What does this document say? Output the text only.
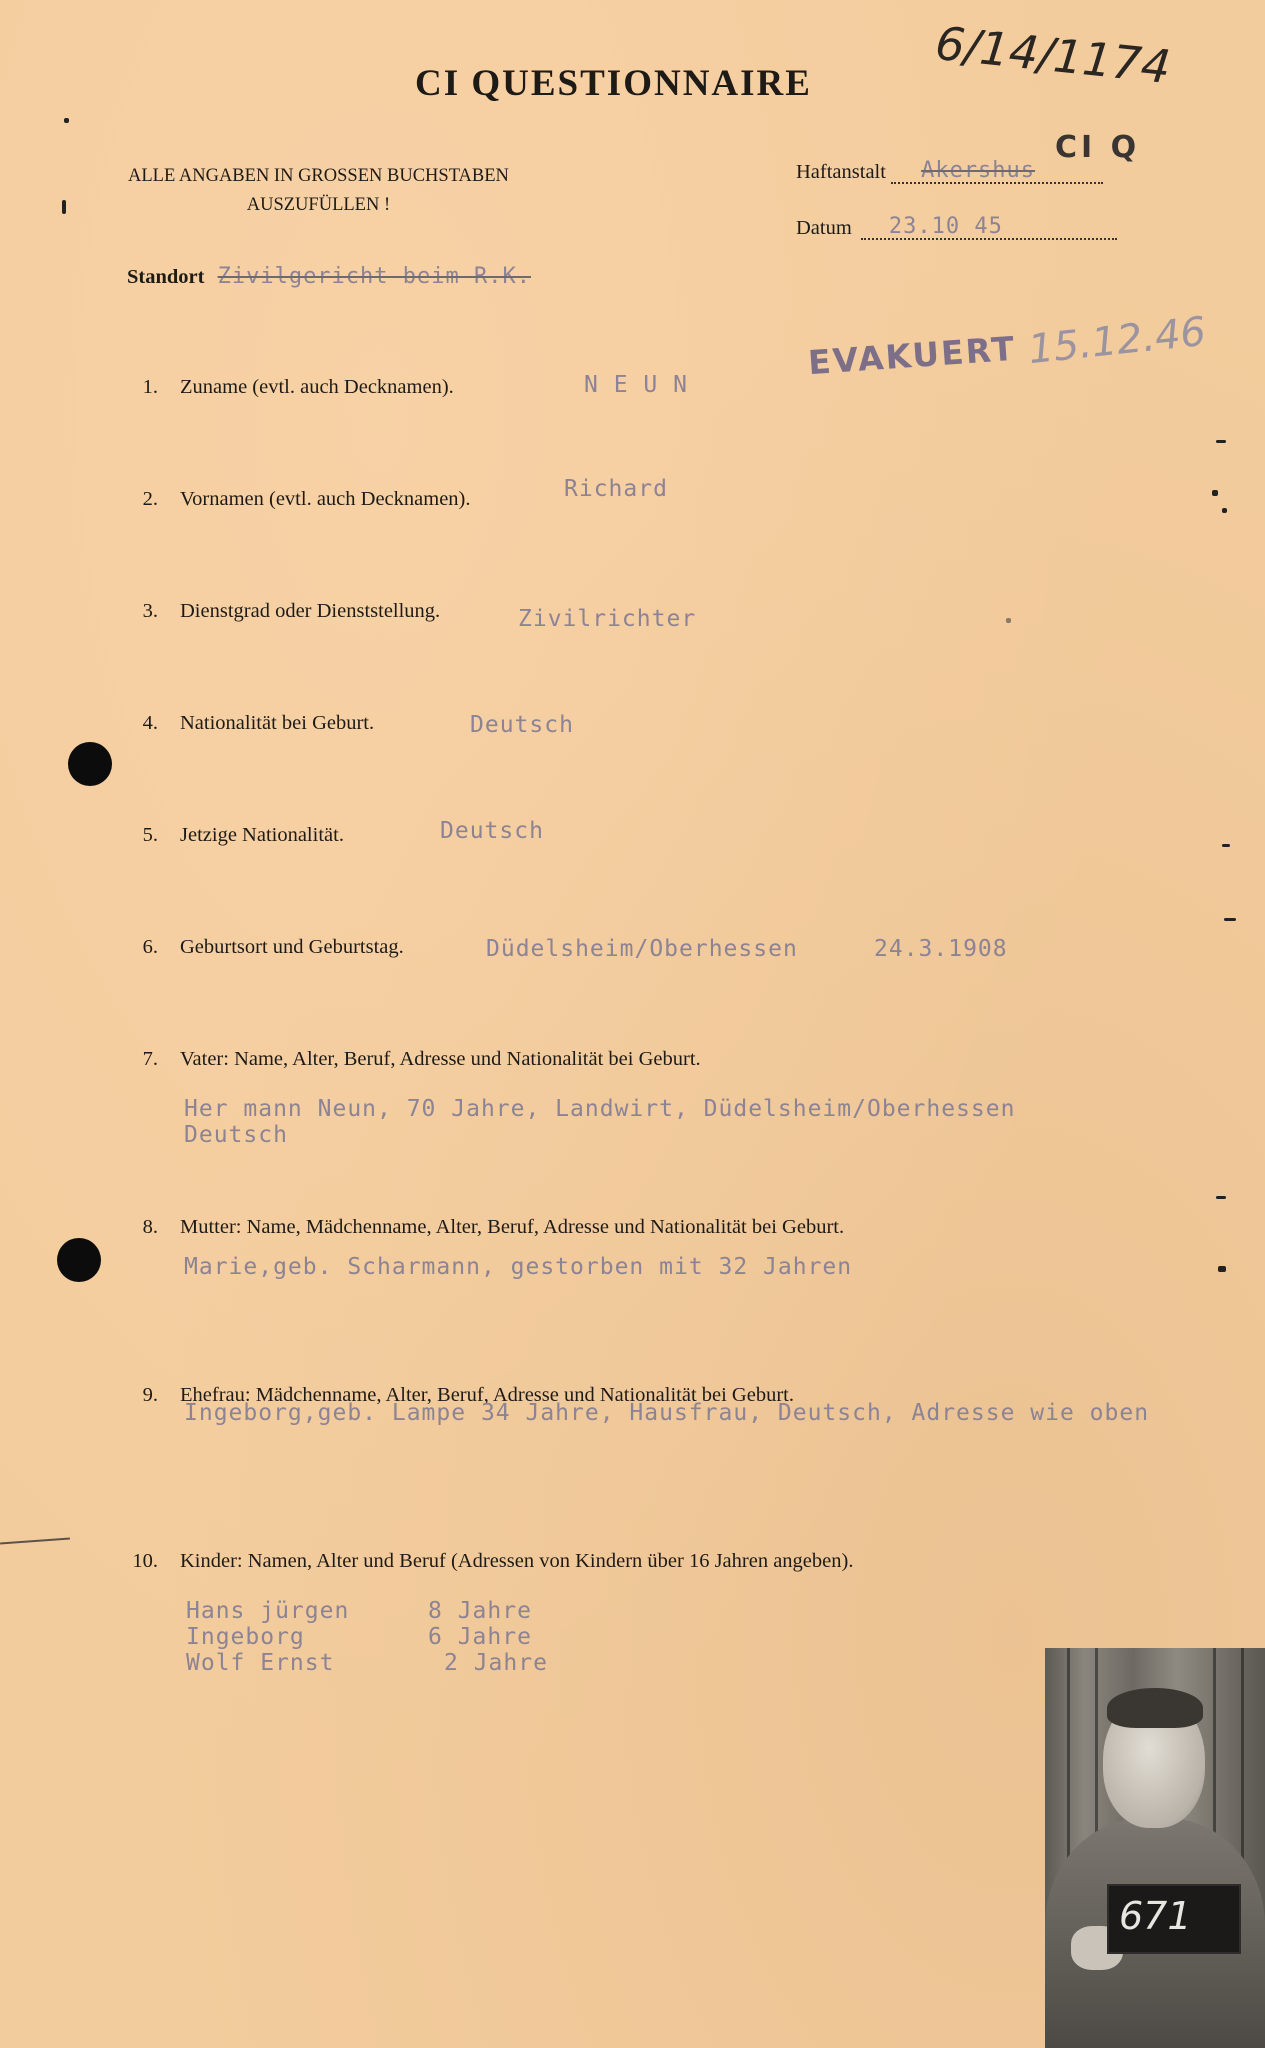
CI QUESTIONNAIRE	6/14/1174
CI Q
ALLE ANGABEN IN GROSSEN BUCHSTABEN
AUSZUFÜLLEN !
Haftanstalt Akershus
Datum 23.10 45
Standort Zivilgericht beim R.K.
EVAKUERT 15.12.46
1. Zuname (evtl. auch Decknamen).	N E U N
2. Vornamen (evtl. auch Decknamen).	Richard
3. Dienstgrad oder Dienststellung.	Zivilrichter
4. Nationalität bei Geburt.	Deutsch
5. Jetzige Nationalität.	Deutsch
6. Geburtsort und Geburtstag.	Düdelsheim/Oberhessen	24.3.1908
7. Vater: Name, Alter, Beruf, Adresse und Nationalität bei Geburt.
Her mann Neun, 70 Jahre, Landwirt, Düdelsheim/Oberhessen
Deutsch
8. Mutter: Name, Mädchenname, Alter, Beruf, Adresse und Nationalität bei Geburt.
Marie,geb. Scharmann, gestorben mit 32 Jahren
9. Ehefrau: Mädchenname, Alter, Beruf, Adresse und Nationalität bei Geburt.
Ingeborg,geb. Lampe 34 Jahre, Hausfrau, Deutsch, Adresse wie oben
10. Kinder: Namen, Alter und Beruf (Adressen von Kindern über 16 Jahren angeben).
Hans jürgen	8 Jahre
Ingeborg	6 Jahre
Wolf Ernst	2 Jahre
671
